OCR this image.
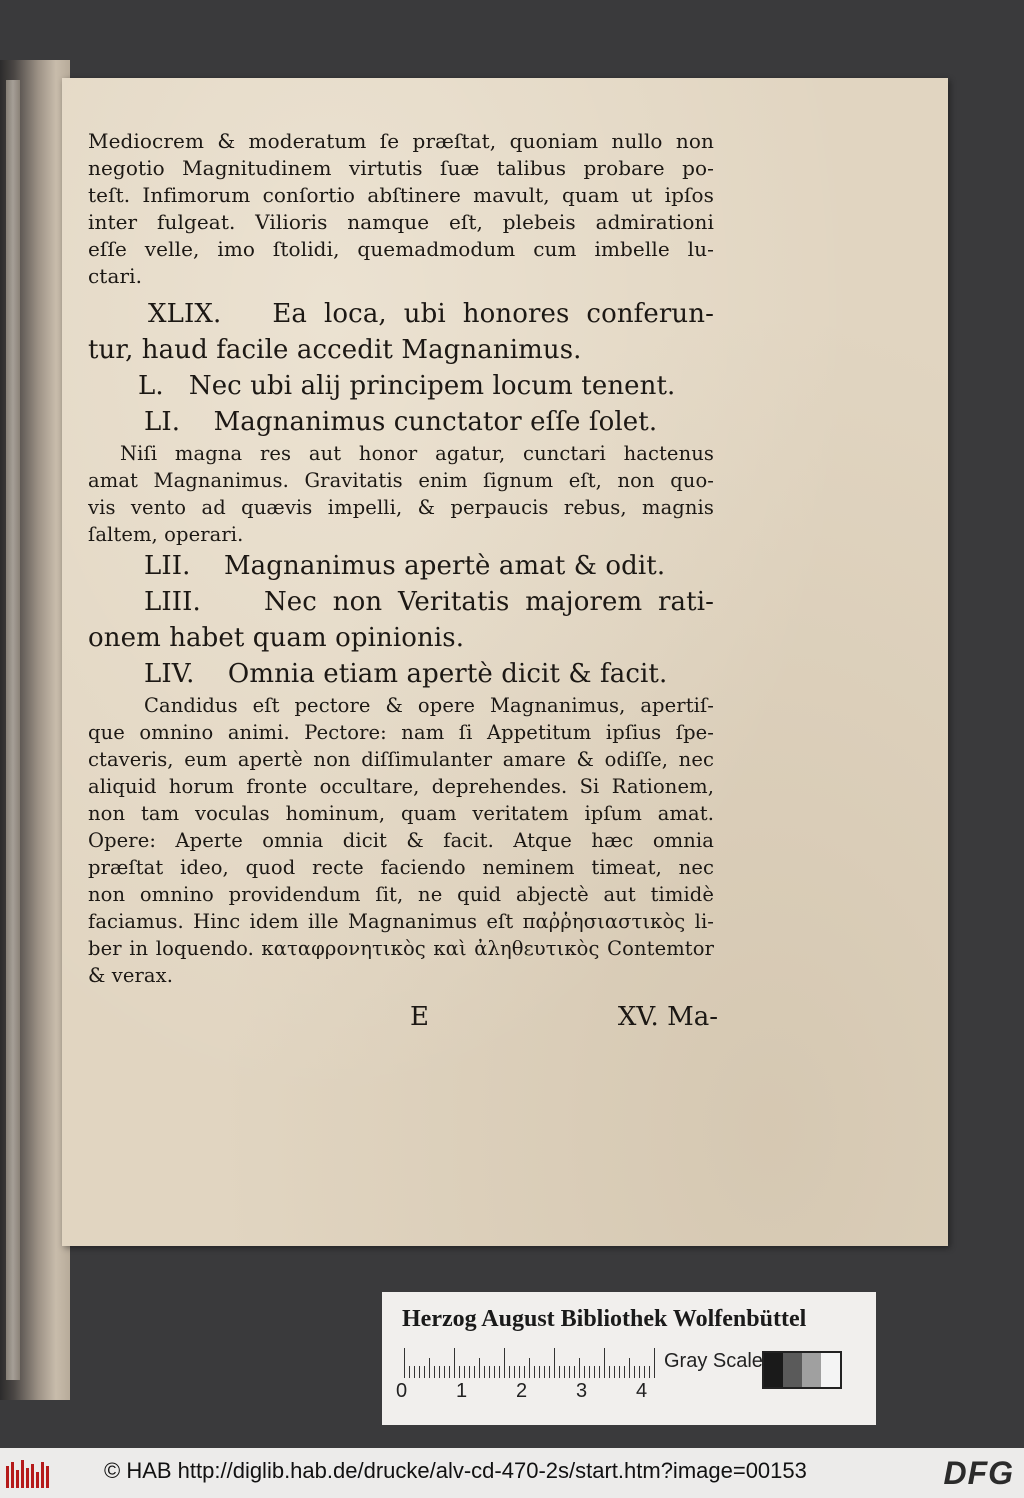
Mediocrem & moderatum ſe præſtat, quoniam nullo non
negotio Magnitudinem virtutis ſuæ talibus probare po-
teſt. Infimorum conſortio abſtinere mavult, quam ut ipſos
inter fulgeat. Vilioris namque eſt, plebeis admirationi
eſſe velle, imo ſtolidi, quemadmodum cum imbelle lu-
ctari.
XLIX. Ea loca, ubi honores conferun-
tur, haud facile accedit Magnanimus.
L. Nec ubi alij principem locum tenent.
LI. Magnanimus cunctator eſſe ſolet.
Niſi magna res aut honor agatur, cunctari hactenus
amat Magnanimus. Gravitatis enim ſignum eſt, non quo-
vis vento ad quævis impelli, & perpaucis rebus, magnis
ſaltem, operari.
LII. Magnanimus apertè amat & odit.
LIII. Nec non Veritatis majorem rati-
onem habet quam opinionis.
LIV. Omnia etiam apertè dicit & facit.
Candidus eſt pectore & opere Magnanimus, apertiſ-
que omnino animi. Pectore: nam ſi Appetitum ipſius ſpe-
ctaveris, eum apertè non diſſimulanter amare & odiſſe, nec
aliquid horum fronte occultare, deprehendes. Si Rationem,
non tam voculas hominum, quam veritatem ipſum amat.
Opere: Aperte omnia dicit & facit. Atque hæc omnia
præſtat ideo, quod recte faciendo neminem timeat, nec
non omnino providendum ſit, ne quid abjectè aut timidè
faciamus. Hinc idem ille Magnanimus eſt παῤῥησιαστικὸς li-
ber in loquendo. καταφρονητικὸς καὶ ἀληθευτικὸς Contemtor
& verax.
E	XV. Ma-
Herzog August Bibliothek Wolfenbüttel
0 1 2 3 4
Gray Scale
© HAB http://diglib.hab.de/drucke/alv-cd-470-2s/start.htm?image=00153	DFG
